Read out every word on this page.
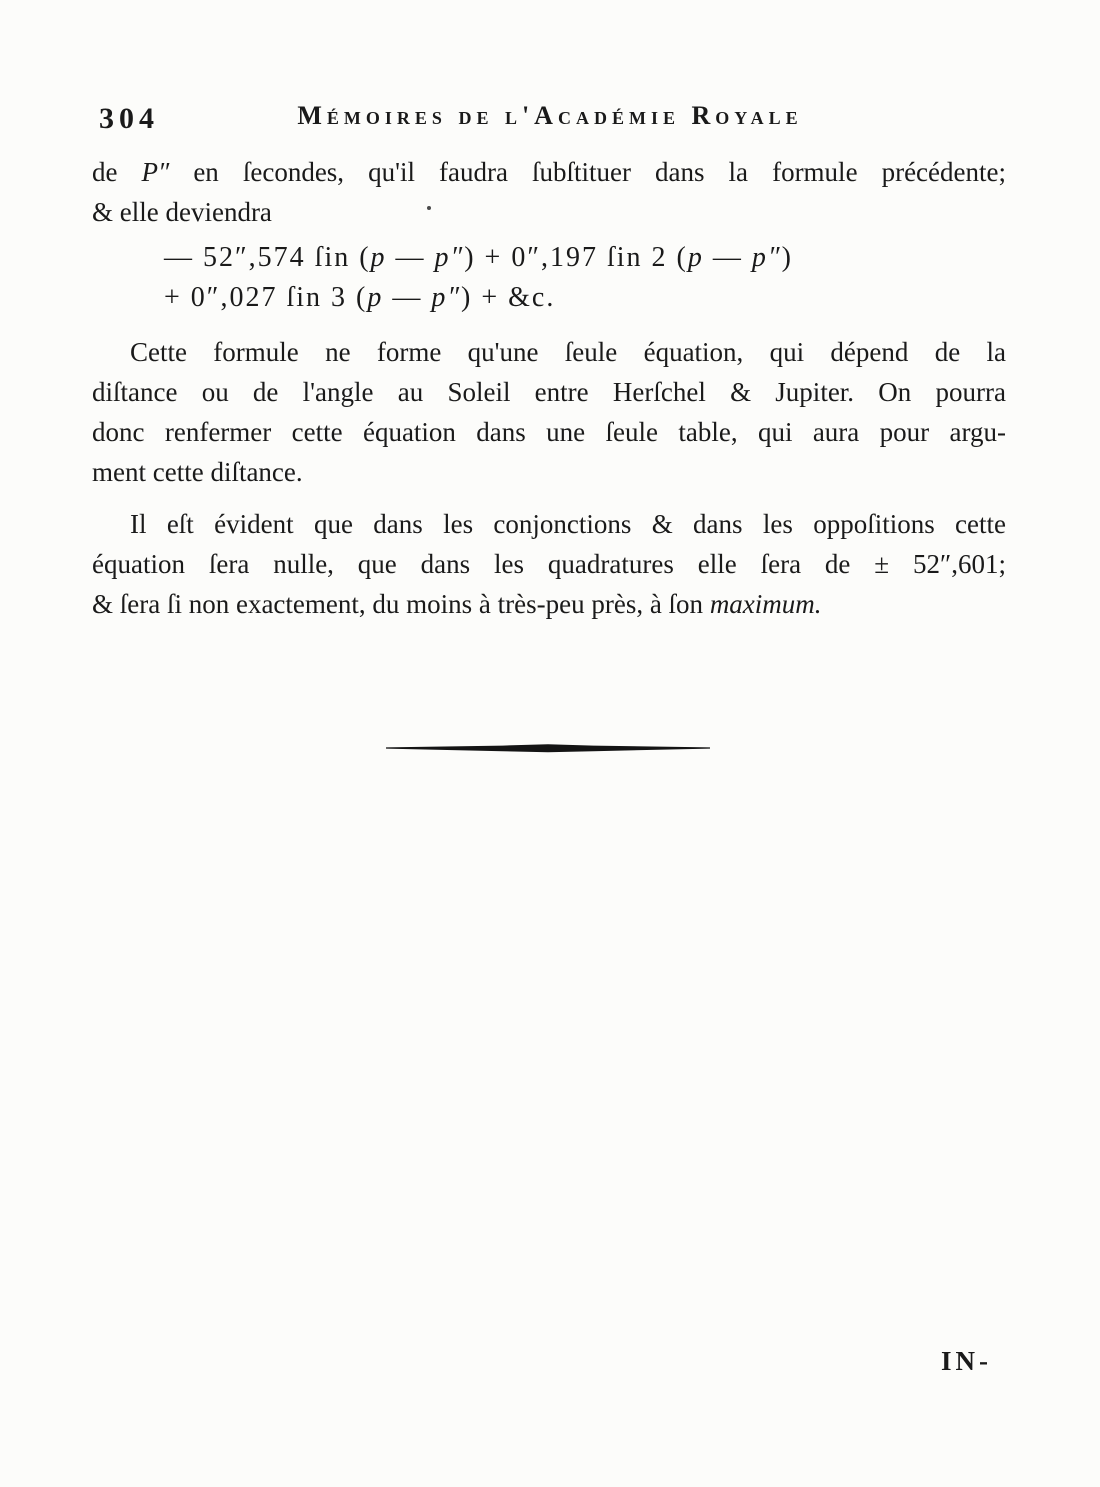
304	Mémoires de l'Académie Royale
de P″ en ſecondes, qu'il faudra ſubſtituer dans la formule précédente;
& elle deviendra
— 52″,574 ſin (p — p″) + 0″,197 ſin 2 (p — p″)
+ 0″,027 ſin 3 (p — p″) + &c.
Cette formule ne forme qu'une ſeule équation, qui dépend de la
diſtance ou de l'angle au Soleil entre Herſchel & Jupiter. On pourra
donc renfermer cette équation dans une ſeule table, qui aura pour argu-
ment cette diſtance.
Il eſt évident que dans les conjonctions & dans les oppoſitions cette
équation ſera nulle, que dans les quadratures elle ſera de ± 52″,601;
& ſera ſi non exactement, du moins à très-peu près, à ſon maximum.
IN-
